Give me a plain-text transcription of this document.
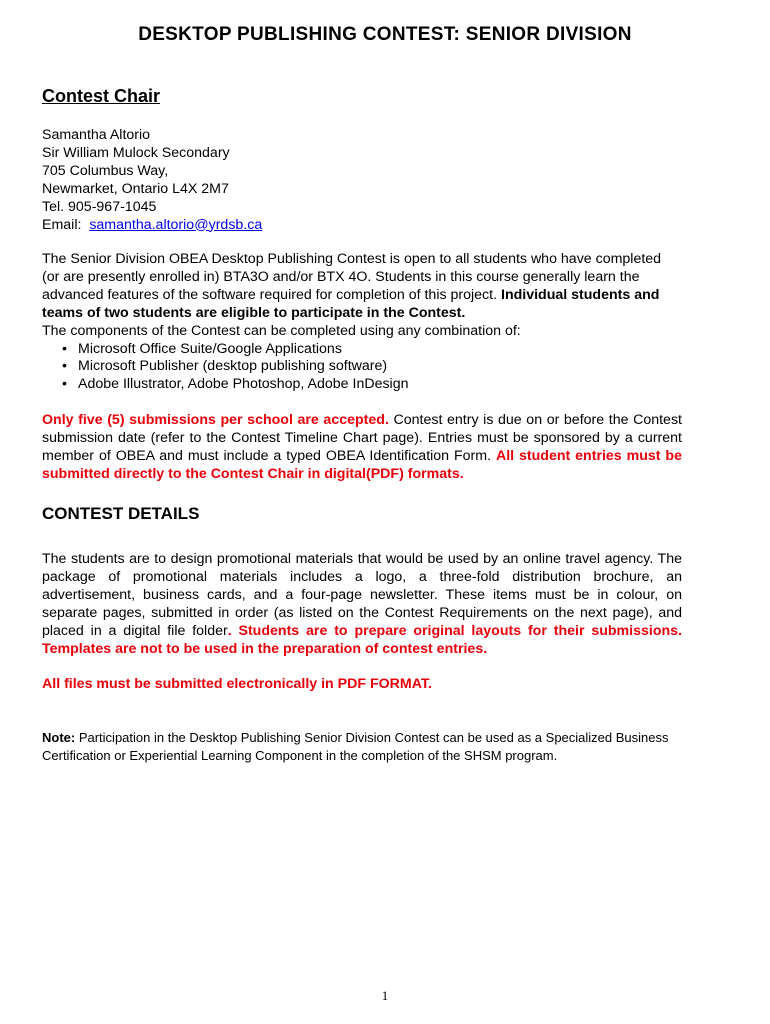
DESKTOP PUBLISHING CONTEST: SENIOR DIVISION
Contest Chair
Samantha Altorio
Sir William Mulock Secondary
705 Columbus Way,
Newmarket, Ontario L4X 2M7
Tel. 905-967-1045
Email: samantha.altorio@yrdsb.ca
The Senior Division OBEA Desktop Publishing Contest is open to all students who have completed (or are presently enrolled in) BTA3O and/or BTX 4O. Students in this course generally learn the advanced features of the software required for completion of this project. Individual students and teams of two students are eligible to participate in the Contest.
The components of the Contest can be completed using any combination of:
• Microsoft Office Suite/Google Applications
• Microsoft Publisher (desktop publishing software)
• Adobe Illustrator, Adobe Photoshop, Adobe InDesign
Only five (5) submissions per school are accepted. Contest entry is due on or before the Contest submission date (refer to the Contest Timeline Chart page). Entries must be sponsored by a current member of OBEA and must include a typed OBEA Identification Form. All student entries must be submitted directly to the Contest Chair in digital(PDF) formats.
CONTEST DETAILS
The students are to design promotional materials that would be used by an online travel agency. The package of promotional materials includes a logo, a three-fold distribution brochure, an advertisement, business cards, and a four-page newsletter. These items must be in colour, on separate pages, submitted in order (as listed on the Contest Requirements on the next page), and placed in a digital file folder. Students are to prepare original layouts for their submissions. Templates are not to be used in the preparation of contest entries.
All files must be submitted electronically in PDF FORMAT.
Note: Participation in the Desktop Publishing Senior Division Contest can be used as a Specialized Business Certification or Experiential Learning Component in the completion of the SHSM program.
1
